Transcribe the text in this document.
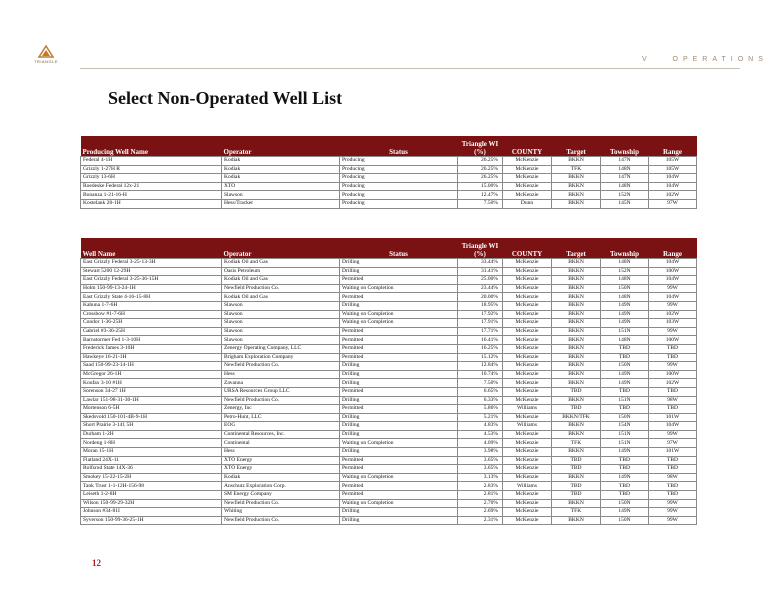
TRIANGLE	V   OPERATIONS
Select Non-Operated Well List
Producing Well Name	Operator	Status	Triangle WI (%)	COUNTY	Target	Township	Range
Federal 4-1H	Kodiak	Producing	26.25%	McKenzie	BKKN	147N	105W
Grizzly 1-27H R	Kodiak	Producing	26.25%	McKenzie	TFK	148N	105W
Grizzly 13-6H	Kodiak	Producing	26.25%	McKenzie	BKKN	147N	104W
Roedeske Federal 12x-21	XTO	Producing	15.00%	McKenzie	BKKN	148N	104W
Bonanza 1-21-16-H	Slawson	Producing	12.47%	McKenzie	BKKN	152N	102W
Kostelank 28-1H	Hess/Tracker	Producing	7.50%	Dunn	BKKN	145N	97W
Well Name	Operator	Status	Triangle WI (%)	COUNTY	Target	Township	Range
East Grizzly Federal 3-25-13-3H	Kodiak Oil and Gas	Drilling	33.44%	McKenzie	BKKN	148N	104W
Stewart 5200 12-29H	Oasis Petroleum	Drilling	31.41%	McKenzie	BKKN	152N	100W
East Grizzly Federal 3-25-36-15H	Kodiak Oil and Gas	Permitted	25.00%	McKenzie	BKKN	148N	104W
Holm 150-99-13-24-1H	Newfield Production Co.	Waiting on Completion	23.44%	McKenzie	BKKN	150N	99W
East Grizzly State 4-16-15-8H	Kodiak Oil and Gas	Permitted	20.00%	McKenzie	BKKN	148N	104W
Kahuna 1-7-6H	Slawson	Drilling	18.95%	McKenzie	BKKN	149N	99W
Crossbow #1-7-6H	Slawson	Waiting on Completion	17.92%	McKenzie	BKKN	149N	102W
Condor 1-36-25H	Slawson	Waiting on Completion	17.91%	McKenzie	BKKN	149N	103W
Gabriel #3-36-25H	Slawson	Permitted	17.71%	McKenzie	BKKN	151N	99W
Barnstormer Fed 1-3-10H	Slawson	Permitted	16.41%	McKenzie	BKKN	148N	100W
Frederick James 3-10H	Zenergy Operating Company, LLC	Permitted	16.25%	McKenzie	BKKN	TBD	TBD
Hawkeye 16-21-1H	Brigham Exploration Company	Permitted	15.12%	McKenzie	BKKN	TBD	TBD
Saad 150-99-23-14-1H	Newfield Production Co.	Drilling	12.84%	McKenzie	BKKN	150N	99W
McGregor 26-1H	Hess	Drilling	10.74%	McKenzie	BKKN	149N	100W
Koufax 3-10 #1H	Zavanna	Drilling	7.50%	McKenzie	BKKN	149N	102W
Sorenson 34-27 1H	URSA Resources Group LLC	Permitted	6.65%	McKenzie	TBD	TBD	TBD
Lawlar 151-98-31-30-1H	Newfield Production Co.	Drilling	6.33%	McKenzie	BKKN	151N	98W
Mortenson 6-5H	Zenergy, Inc	Permitted	5.86%	Williams	TBD	TBD	TBD
Skedsvold 150-101-4B-9-1H	Petro-Hunt, LLC	Drilling	5.21%	McKenzie	BKKN/TFK	150N	101W
Short Prairie 3-141 5H	EOG	Drilling	4.83%	Williams	BKKN	154N	104W
Durham 1-2H	Continental Resources, Inc.	Drilling	4.53%	McKenzie	BKKN	151N	99W
Nordeng 1-8H	Continental	Waiting on Completion	4.09%	McKenzie	TFK	151N	97W
Moran 15-1H	Hess	Drilling	3.98%	McKenzie	BKKN	149N	101W
Flatland 24X-11	XTO Energy	Permitted	3.65%	McKenzie	TBD	TBD	TBD
Rolfsrud State 14X-36	XTO Energy	Permitted	3.65%	McKenzie	TBD	TBD	TBD
Smokey 15-22-15-2H	Kodiak	Waiting on Completion	3.13%	McKenzie	BKKN	149N	98W
Tank Trust 1-1-12H-156-98	Anschutz Exploration Corp.	Permitted	2.83%	Williams	TBD	TBD	TBD
Leiseth 1-2-8H	SM Energy Company	Permitted	2.81%	McKenzie	TBD	TBD	TBD
Wilson 150-99-29-32H	Newfield Production Co.	Waiting on Completion	2.70%	McKenzie	BKKN	150N	99W
Johnson #34-81I	Whiting	Drilling	2.69%	McKenzie	TFK	149N	99W
Syverson 150-99-36-25-1H	Newfield Production Co.	Drilling	2.31%	McKenzie	BKKN	150N	99W
12
